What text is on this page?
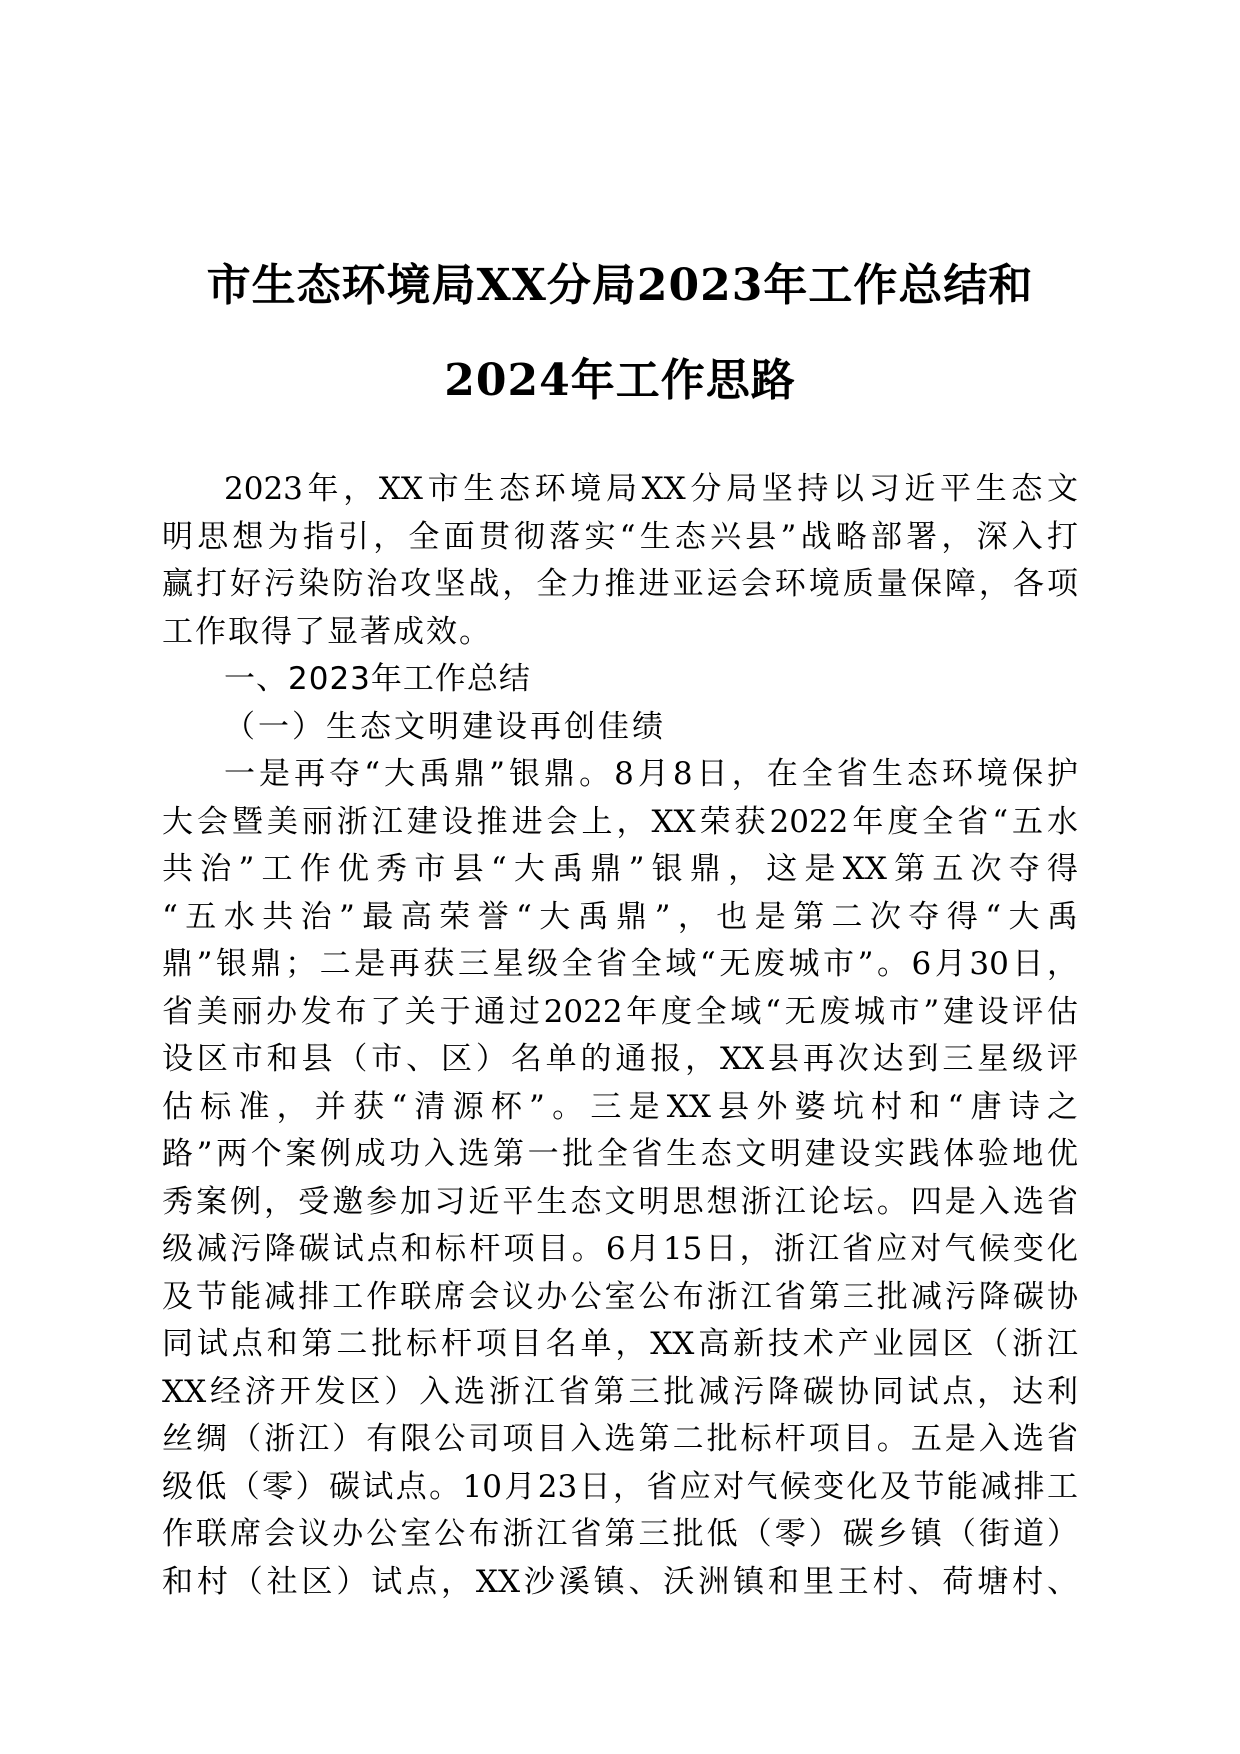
市生态环境局XX分局2023年工作总结和
2024年工作思路
2023年，XX市生态环境局XX分局坚持以习近平生态文
明思想为指引，全面贯彻落实“生态兴县”战略部署，深入打
赢打好污染防治攻坚战，全力推进亚运会环境质量保障，各项
工作取得了显著成效。
一、2023年工作总结
（一）生态文明建设再创佳绩
一是再夺“大禹鼎”银鼎。8月8日，在全省生态环境保护
大会暨美丽浙江建设推进会上，XX荣获2022年度全省“五水
共治”工作优秀市县“大禹鼎”银鼎，这是XX第五次夺得
“五水共治”最高荣誉“大禹鼎”，也是第二次夺得“大禹
鼎”银鼎；二是再获三星级全省全域“无废城市”。6月30日，
省美丽办发布了关于通过2022年度全域“无废城市”建设评估
设区市和县（市、区）名单的通报，XX县再次达到三星级评
估标准，并获“清源杯”。三是XX县外婆坑村和“唐诗之
路”两个案例成功入选第一批全省生态文明建设实践体验地优
秀案例，受邀参加习近平生态文明思想浙江论坛。四是入选省
级减污降碳试点和标杆项目。6月15日，浙江省应对气候变化
及节能减排工作联席会议办公室公布浙江省第三批减污降碳协
同试点和第二批标杆项目名单，XX高新技术产业园区（浙江
XX经济开发区）入选浙江省第三批减污降碳协同试点，达利
丝绸（浙江）有限公司项目入选第二批标杆项目。五是入选省
级低（零）碳试点。10月23日，省应对气候变化及节能减排工
作联席会议办公室公布浙江省第三批低（零）碳乡镇（街道）
和村（社区）试点，XX沙溪镇、沃洲镇和里王村、荷塘村、
